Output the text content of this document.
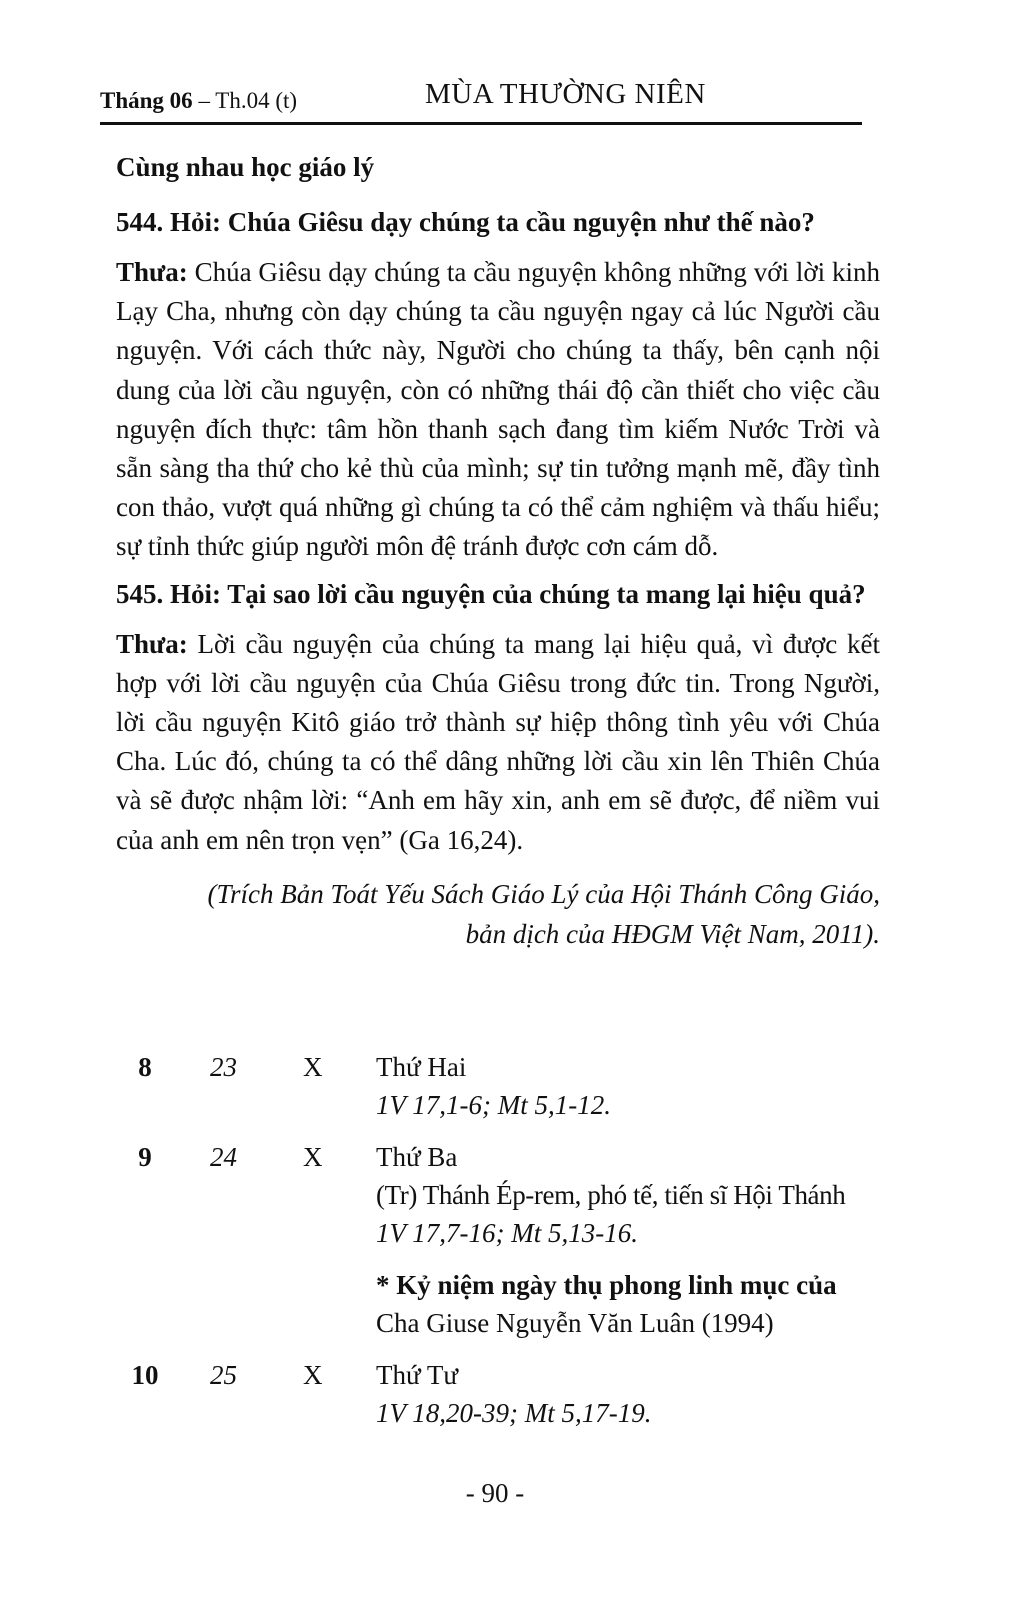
Tháng 06 – Th.04 (t)	MÙA THƯỜNG NIÊN
Cùng nhau học giáo lý
544. Hỏi: Chúa Giêsu dạy chúng ta cầu nguyện như thế nào?
Thưa: Chúa Giêsu dạy chúng ta cầu nguyện không những với lời kinh Lạy Cha, nhưng còn dạy chúng ta cầu nguyện ngay cả lúc Người cầu nguyện. Với cách thức này, Người cho chúng ta thấy, bên cạnh nội dung của lời cầu nguyện, còn có những thái độ cần thiết cho việc cầu nguyện đích thực: tâm hồn thanh sạch đang tìm kiếm Nước Trời và sẵn sàng tha thứ cho kẻ thù của mình; sự tin tưởng mạnh mẽ, đầy tình con thảo, vượt quá những gì chúng ta có thể cảm nghiệm và thấu hiểu; sự tỉnh thức giúp người môn đệ tránh được cơn cám dỗ.
545. Hỏi: Tại sao lời cầu nguyện của chúng ta mang lại hiệu quả?
Thưa: Lời cầu nguyện của chúng ta mang lại hiệu quả, vì được kết hợp với lời cầu nguyện của Chúa Giêsu trong đức tin. Trong Người, lời cầu nguyện Kitô giáo trở thành sự hiệp thông tình yêu với Chúa Cha. Lúc đó, chúng ta có thể dâng những lời cầu xin lên Thiên Chúa và sẽ được nhậm lời: “Anh em hãy xin, anh em sẽ được, để niềm vui của anh em nên trọn vẹn” (Ga 16,24).
(Trích Bản Toát Yếu Sách Giáo Lý của Hội Thánh Công Giáo,
bản dịch của HĐGM Việt Nam, 2011).
8	23 X Thứ Hai
1V 17,1-6; Mt 5,1-12.
9	24 X Thứ Ba
(Tr) Thánh Ép-rem, phó tế, tiến sĩ Hội Thánh
1V 17,7-16; Mt 5,13-16.
* Kỷ niệm ngày thụ phong linh mục của
Cha Giuse Nguyễn Văn Luân (1994)
10 25 X Thứ Tư
1V 18,20-39; Mt 5,17-19.
- 90 -
